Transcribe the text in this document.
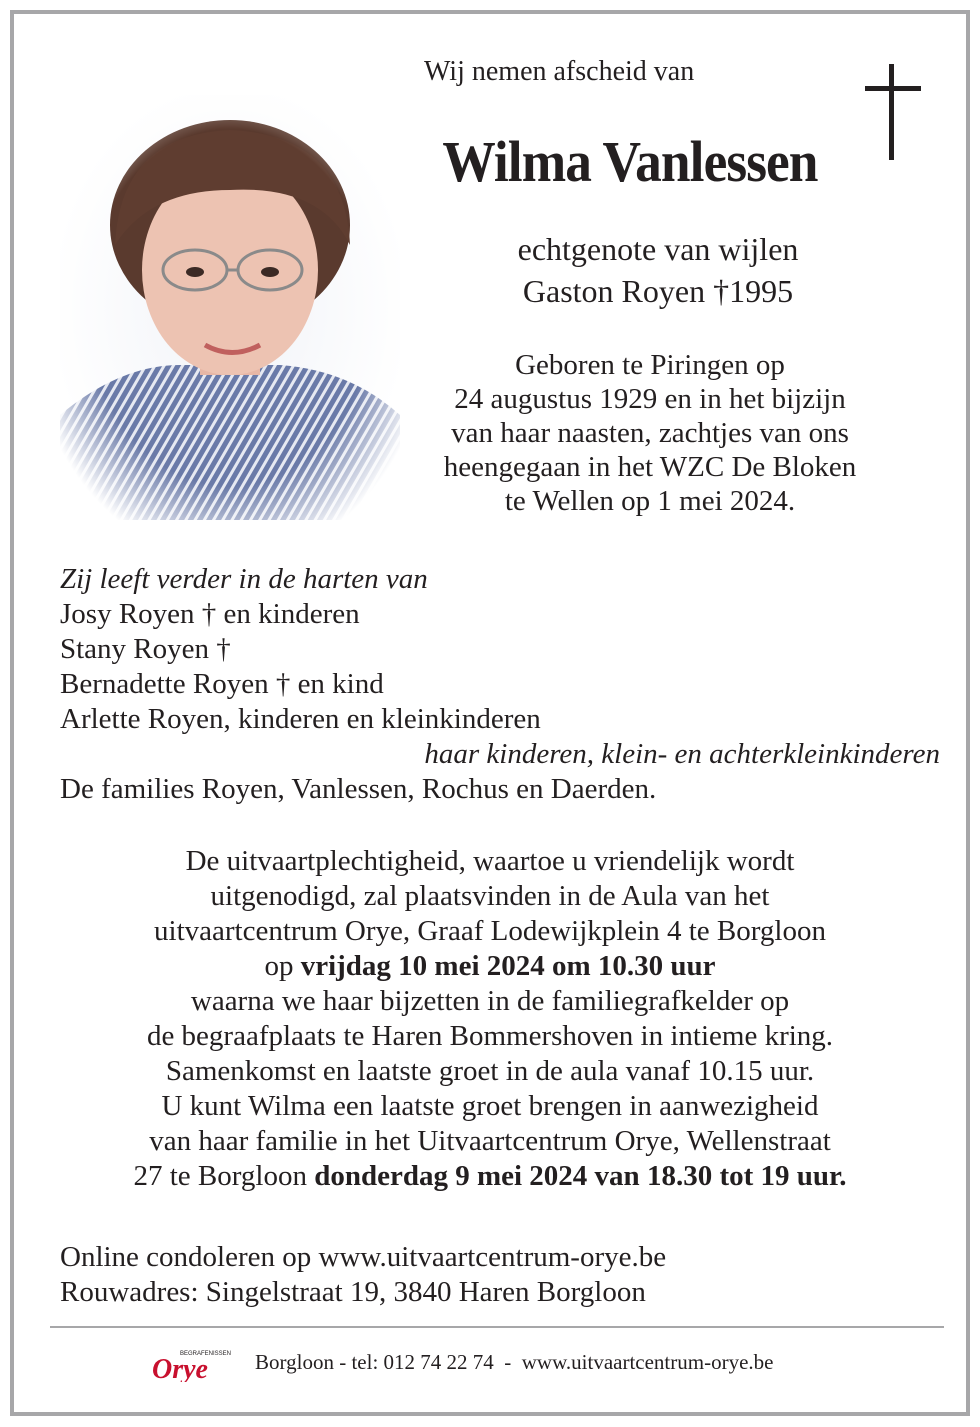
Wij nemen afscheid van
Wilma Vanlessen
echtgenote van wijlen
Gaston Royen †1995
Geboren te Piringen op
24 augustus 1929 en in het bijzijn
van haar naasten, zachtjes van ons
heengegaan in het WZC De Bloken
te Wellen op 1 mei 2024.
Zij leeft verder in de harten van
Josy Royen † en kinderen
Stany Royen †
Bernadette Royen † en kind
Arlette Royen, kinderen en kleinkinderen
haar kinderen, klein- en achterkleinkinderen
De families Royen, Vanlessen, Rochus en Daerden.
De uitvaartplechtigheid, waartoe u vriendelijk wordt
uitgenodigd, zal plaatsvinden in de Aula van het
uitvaartcentrum Orye, Graaf Lodewijkplein 4 te Borgloon
op vrijdag 10 mei 2024 om 10.30 uur
waarna we haar bijzetten in de familiegrafkelder op
de begraafplaats te Haren Bommershoven in intieme kring.
Samenkomst en laatste groet in de aula vanaf 10.15 uur.
U kunt Wilma een laatste groet brengen in aanwezigheid
van haar familie in het Uitvaartcentrum Orye, Wellenstraat
27 te Borgloon donderdag 9 mei 2024 van 18.30 tot 19 uur.
Online condoleren op www.uitvaartcentrum-orye.be
Rouwadres: Singelstraat 19, 3840 Haren Borgloon
BEGRAFENISSEN
Orye Borgloon - tel: 012 74 22 74  -  www.uitvaartcentrum-orye.be
